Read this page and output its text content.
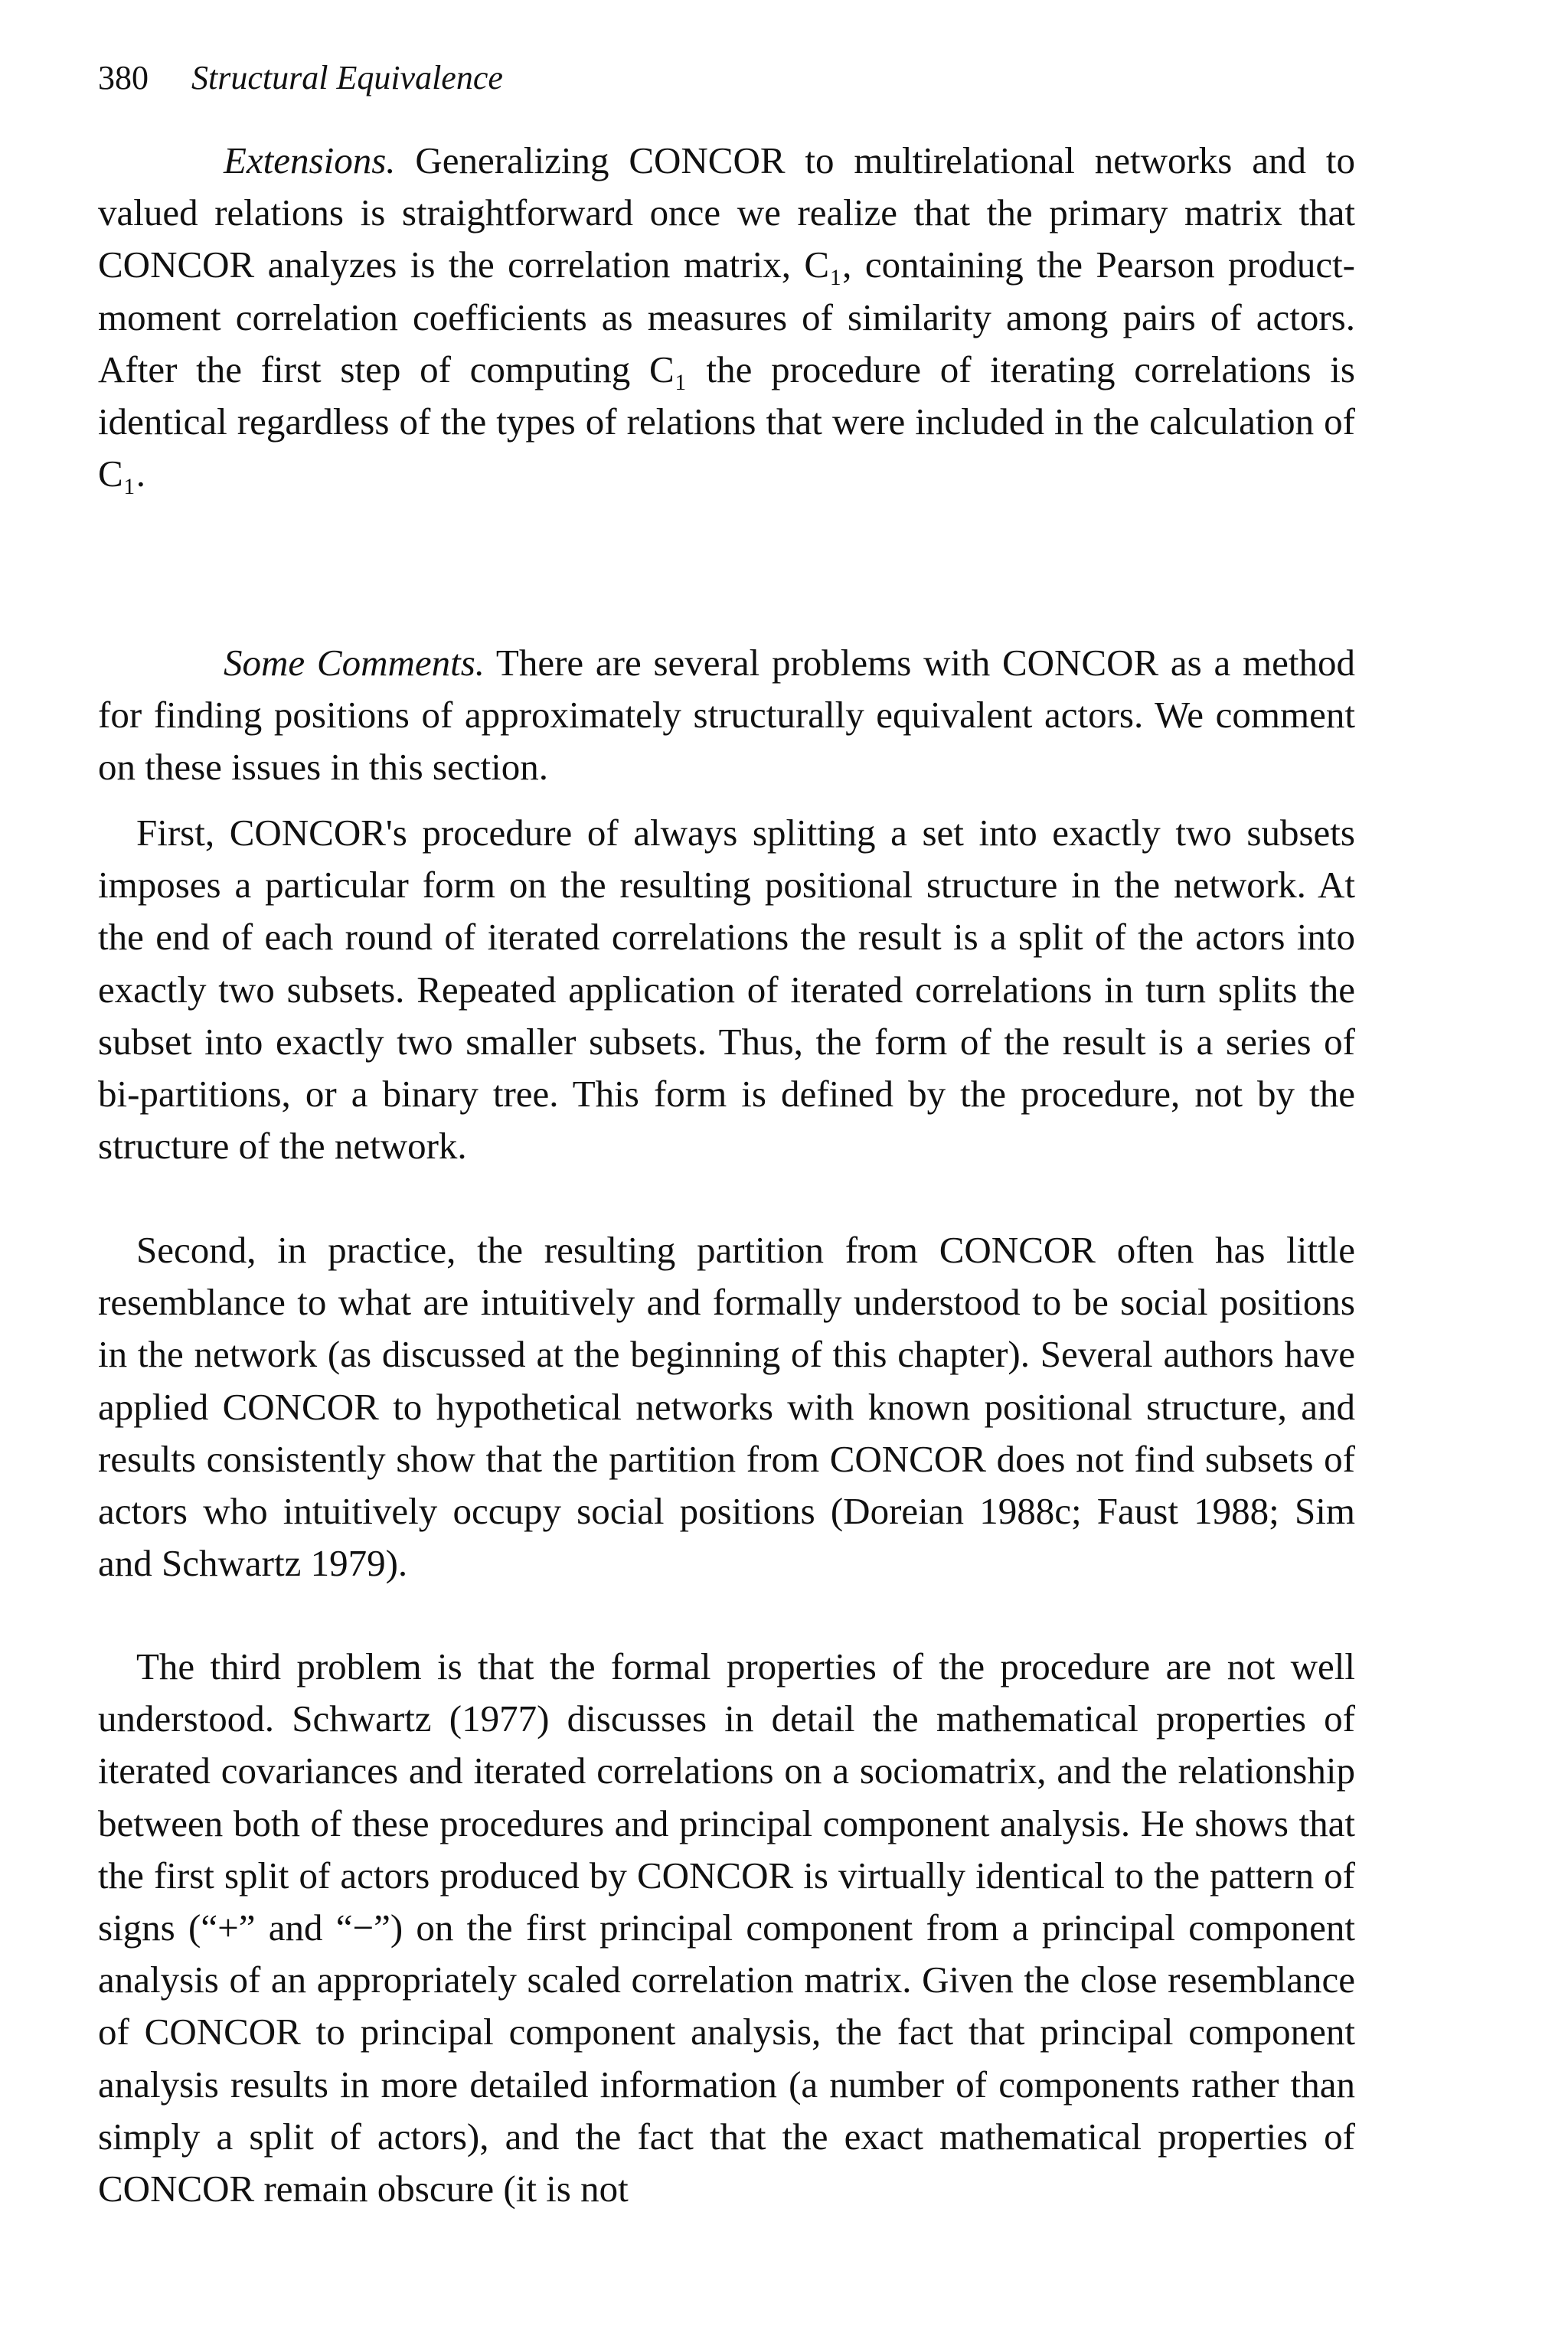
380 Structural Equivalence

Extensions. Generalizing CONCOR to multirelational networks and to valued relations is straightforward once we realize that the primary matrix that CONCOR analyzes is the correlation matrix, C₁, containing the Pearson product-moment correlation coefficients as measures of similarity among pairs of actors. After the first step of computing C₁ the procedure of iterating correlations is identical regardless of the types of relations that were included in the calculation of C₁.

Some Comments. There are several problems with CONCOR as a method for finding positions of approximately structurally equivalent actors. We comment on these issues in this section.

First, CONCOR's procedure of always splitting a set into exactly two subsets imposes a particular form on the resulting positional structure in the network. At the end of each round of iterated correlations the result is a split of the actors into exactly two subsets. Repeated application of iterated correlations in turn splits the subset into exactly two smaller subsets. Thus, the form of the result is a series of bi-partitions, or a binary tree. This form is defined by the procedure, not by the structure of the network.

Second, in practice, the resulting partition from CONCOR often has little resemblance to what are intuitively and formally understood to be social positions in the network (as discussed at the beginning of this chapter). Several authors have applied CONCOR to hypothetical networks with known positional structure, and results consistently show that the partition from CONCOR does not find subsets of actors who intuitively occupy social positions (Doreian 1988c; Faust 1988; Sim and Schwartz 1979).

The third problem is that the formal properties of the procedure are not well understood. Schwartz (1977) discusses in detail the mathematical properties of iterated covariances and iterated correlations on a sociomatrix, and the relationship between both of these procedures and principal component analysis. He shows that the first split of actors produced by CONCOR is virtually identical to the pattern of signs (“+” and “−”) on the first principal component from a principal component analysis of an appropriately scaled correlation matrix. Given the close resemblance of CONCOR to principal component analysis, the fact that principal component analysis results in more detailed information (a number of components rather than simply a split of actors), and the fact that the exact mathematical properties of CONCOR remain obscure (it is not
